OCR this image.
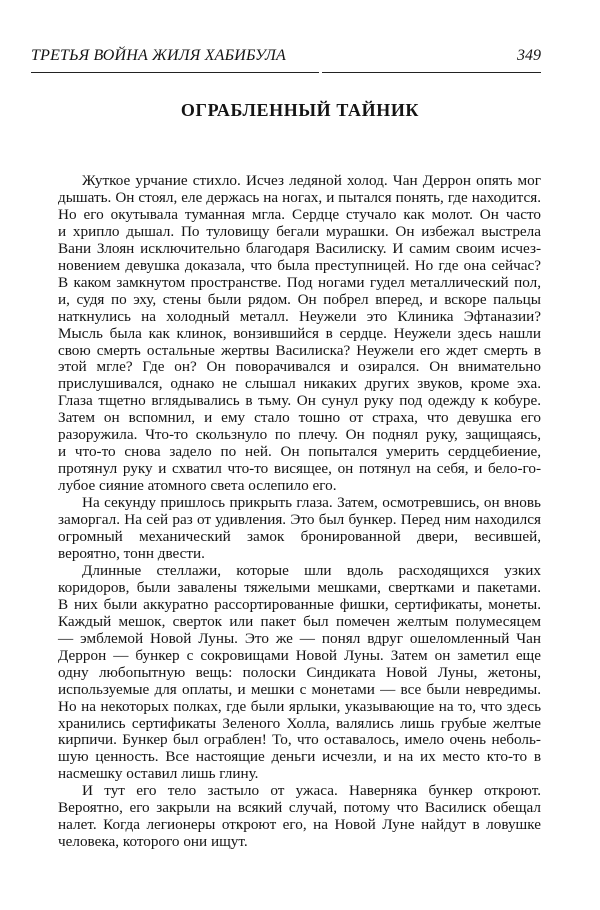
ТРЕТЬЯ ВОЙНА ЖИЛЯ ХАБИБУЛА	349
ОГРАБЛЕННЫЙ ТАЙНИК
Жуткое урчание стихло. Исчез ледяной холод. Чан Деррон опять мог
дышать. Он стоял, еле держась на ногах, и пытался понять, где находится.
Но его окутывала туманная мгла. Сердце стучало как молот. Он часто
и хрипло дышал. По туловищу бегали мурашки. Он избежал выстрела
Вани Злоян исключительно благодаря Василиску. И самим своим исчез-
новением девушка доказала, что была преступницей. Но где она сейчас?
В каком замкнутом пространстве. Под ногами гудел металлический пол,
и, судя по эху, стены были рядом. Он побрел вперед, и вскоре пальцы
наткнулись на холодный металл. Неужели это Клиника Эфтаназии?
Мысль была как клинок, вонзившийся в сердце. Неужели здесь нашли
свою смерть остальные жертвы Василиска? Неужели его ждет смерть в
этой мгле? Где он? Он поворачивался и озирался. Он внимательно
прислушивался, однако не слышал никаких других звуков, кроме эха.
Глаза тщетно вглядывались в тьму. Он сунул руку под одежду к кобуре.
Затем он вспомнил, и ему стало тошно от страха, что девушка его
разоружила. Что-то скользнуло по плечу. Он поднял руку, защищаясь,
и что-то снова задело по ней. Он попытался умерить сердцебиение,
протянул руку и схватил что-то висящее, он потянул на себя, и бело-го-
лубое сияние атомного света ослепило его.
На секунду пришлось прикрыть глаза. Затем, осмотревшись, он вновь
заморгал. На сей раз от удивления. Это был бункер. Перед ним находился
огромный механический замок бронированной двери, весившей,
вероятно, тонн двести.
Длинные стеллажи, которые шли вдоль расходящихся узких
коридоров, были завалены тяжелыми мешками, свертками и пакетами.
В них были аккуратно рассортированные фишки, сертификаты, монеты.
Каждый мешок, сверток или пакет был помечен желтым полумесяцем
— эмблемой Новой Луны. Это же — понял вдруг ошеломленный Чан
Деррон — бункер с сокровищами Новой Луны. Затем он заметил еще
одну любопытную вещь: полоски Синдиката Новой Луны, жетоны,
используемые для оплаты, и мешки с монетами — все были невредимы.
Но на некоторых полках, где были ярлыки, указывающие на то, что здесь
хранились сертификаты Зеленого Холла, валялись лишь грубые желтые
кирпичи. Бункер был ограблен! То, что оставалось, имело очень неболь-
шую ценность. Все настоящие деньги исчезли, и на их место кто-то в
насмешку оставил лишь глину.
И тут его тело застыло от ужаса. Наверняка бункер откроют.
Вероятно, его закрыли на всякий случай, потому что Василиск обещал
налет. Когда легионеры откроют его, на Новой Луне найдут в ловушке
человека, которого они ищут.
